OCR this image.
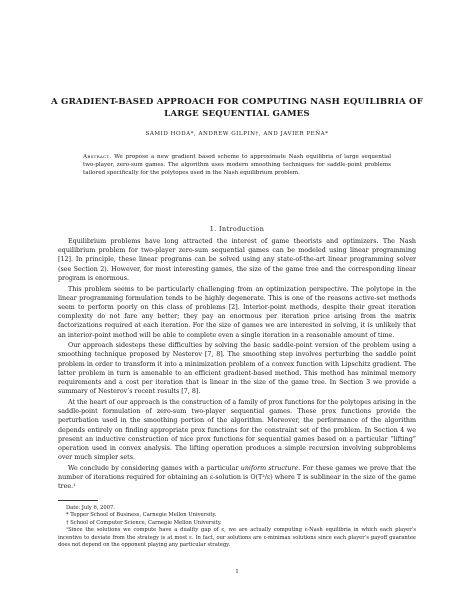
A GRADIENT-BASED APPROACH FOR COMPUTING NASH EQUILIBRIA OF LARGE SEQUENTIAL GAMES
SAMID HODA*, ANDREW GILPIN†, AND JAVIER PEÑA*
Abstract. We propose a new gradient based scheme to approximate Nash equilibria of large sequential two-player, zero-sum games. The algorithm uses modern smoothing techniques for saddle-point problems tailored specifically for the polytopes used in the Nash equilibrium problem.
1. Introduction

Equilibrium problems have long attracted the interest of game theorists and optimizers. The Nash equilibrium problem for two-player zero-sum sequential games can be modeled using linear programming [12]. In principle, these linear programs can be solved using any state-of-the-art linear programming solver (see Section 2). However, for most interesting games, the size of the game tree and the corresponding linear program is enormous.

This problem seems to be particularly challenging from an optimization perspective. The polytope in the linear programming formulation tends to be highly degenerate. This is one of the reasons active-set methods seem to perform poorly on this class of problems [2]. Interior-point methods, despite their great iteration complexity do not fare any better; they pay an enormous per iteration price arising from the matrix factorizations required at each iteration. For the size of games we are interested in solving, it is unlikely that an interior-point method will be able to complete even a single iteration in a reasonable amount of time.

Our approach sidesteps these difficulties by solving the basic saddle-point version of the problem using a smoothing technique proposed by Nesterov [7, 8]. The smoothing step involves perturbing the saddle point problem in order to transform it into a minimization problem of a convex function with Lipschitz gradient. The latter problem in turn is amenable to an efficient gradient-based method. This method has minimal memory requirements and a cost per iteration that is linear in the size of the game tree. In Section 3 we provide a summary of Nesterov’s recent results [7, 8].

At the heart of our approach is the construction of a family of prox functions for the polytopes arising in the saddle-point formulation of zero-sum two-player sequential games. These prox functions provide the perturbation used in the smoothing portion of the algorithm. Moreover, the performance of the algorithm depends entirely on finding appropriate prox functions for the constraint set of the problem. In Section 4 we present an inductive construction of nice prox functions for sequential games based on a particular “lifting” operation used in convex analysis. The lifting operation produces a simple recursion involving subproblems over much simpler sets.

We conclude by considering games with a particular uniform structure. For these games we prove that the number of iterations required for obtaining an ε-solution is O(T²/ε) where T is sublinear in the size of the game tree.¹

Date: July 6, 2007.
* Tepper School of Business, Carnegie Mellon University.
† School of Computer Science, Carnegie Mellon University.
¹Since the solutions we compute have a duality gap of ε, we are actually computing ε-Nash equilibria in which each player’s incentive to deviate from the strategy is at most ε. In fact, our solutions are ε-minimax solutions since each player’s payoff guarantee does not depend on the opponent playing any particular strategy.
1
